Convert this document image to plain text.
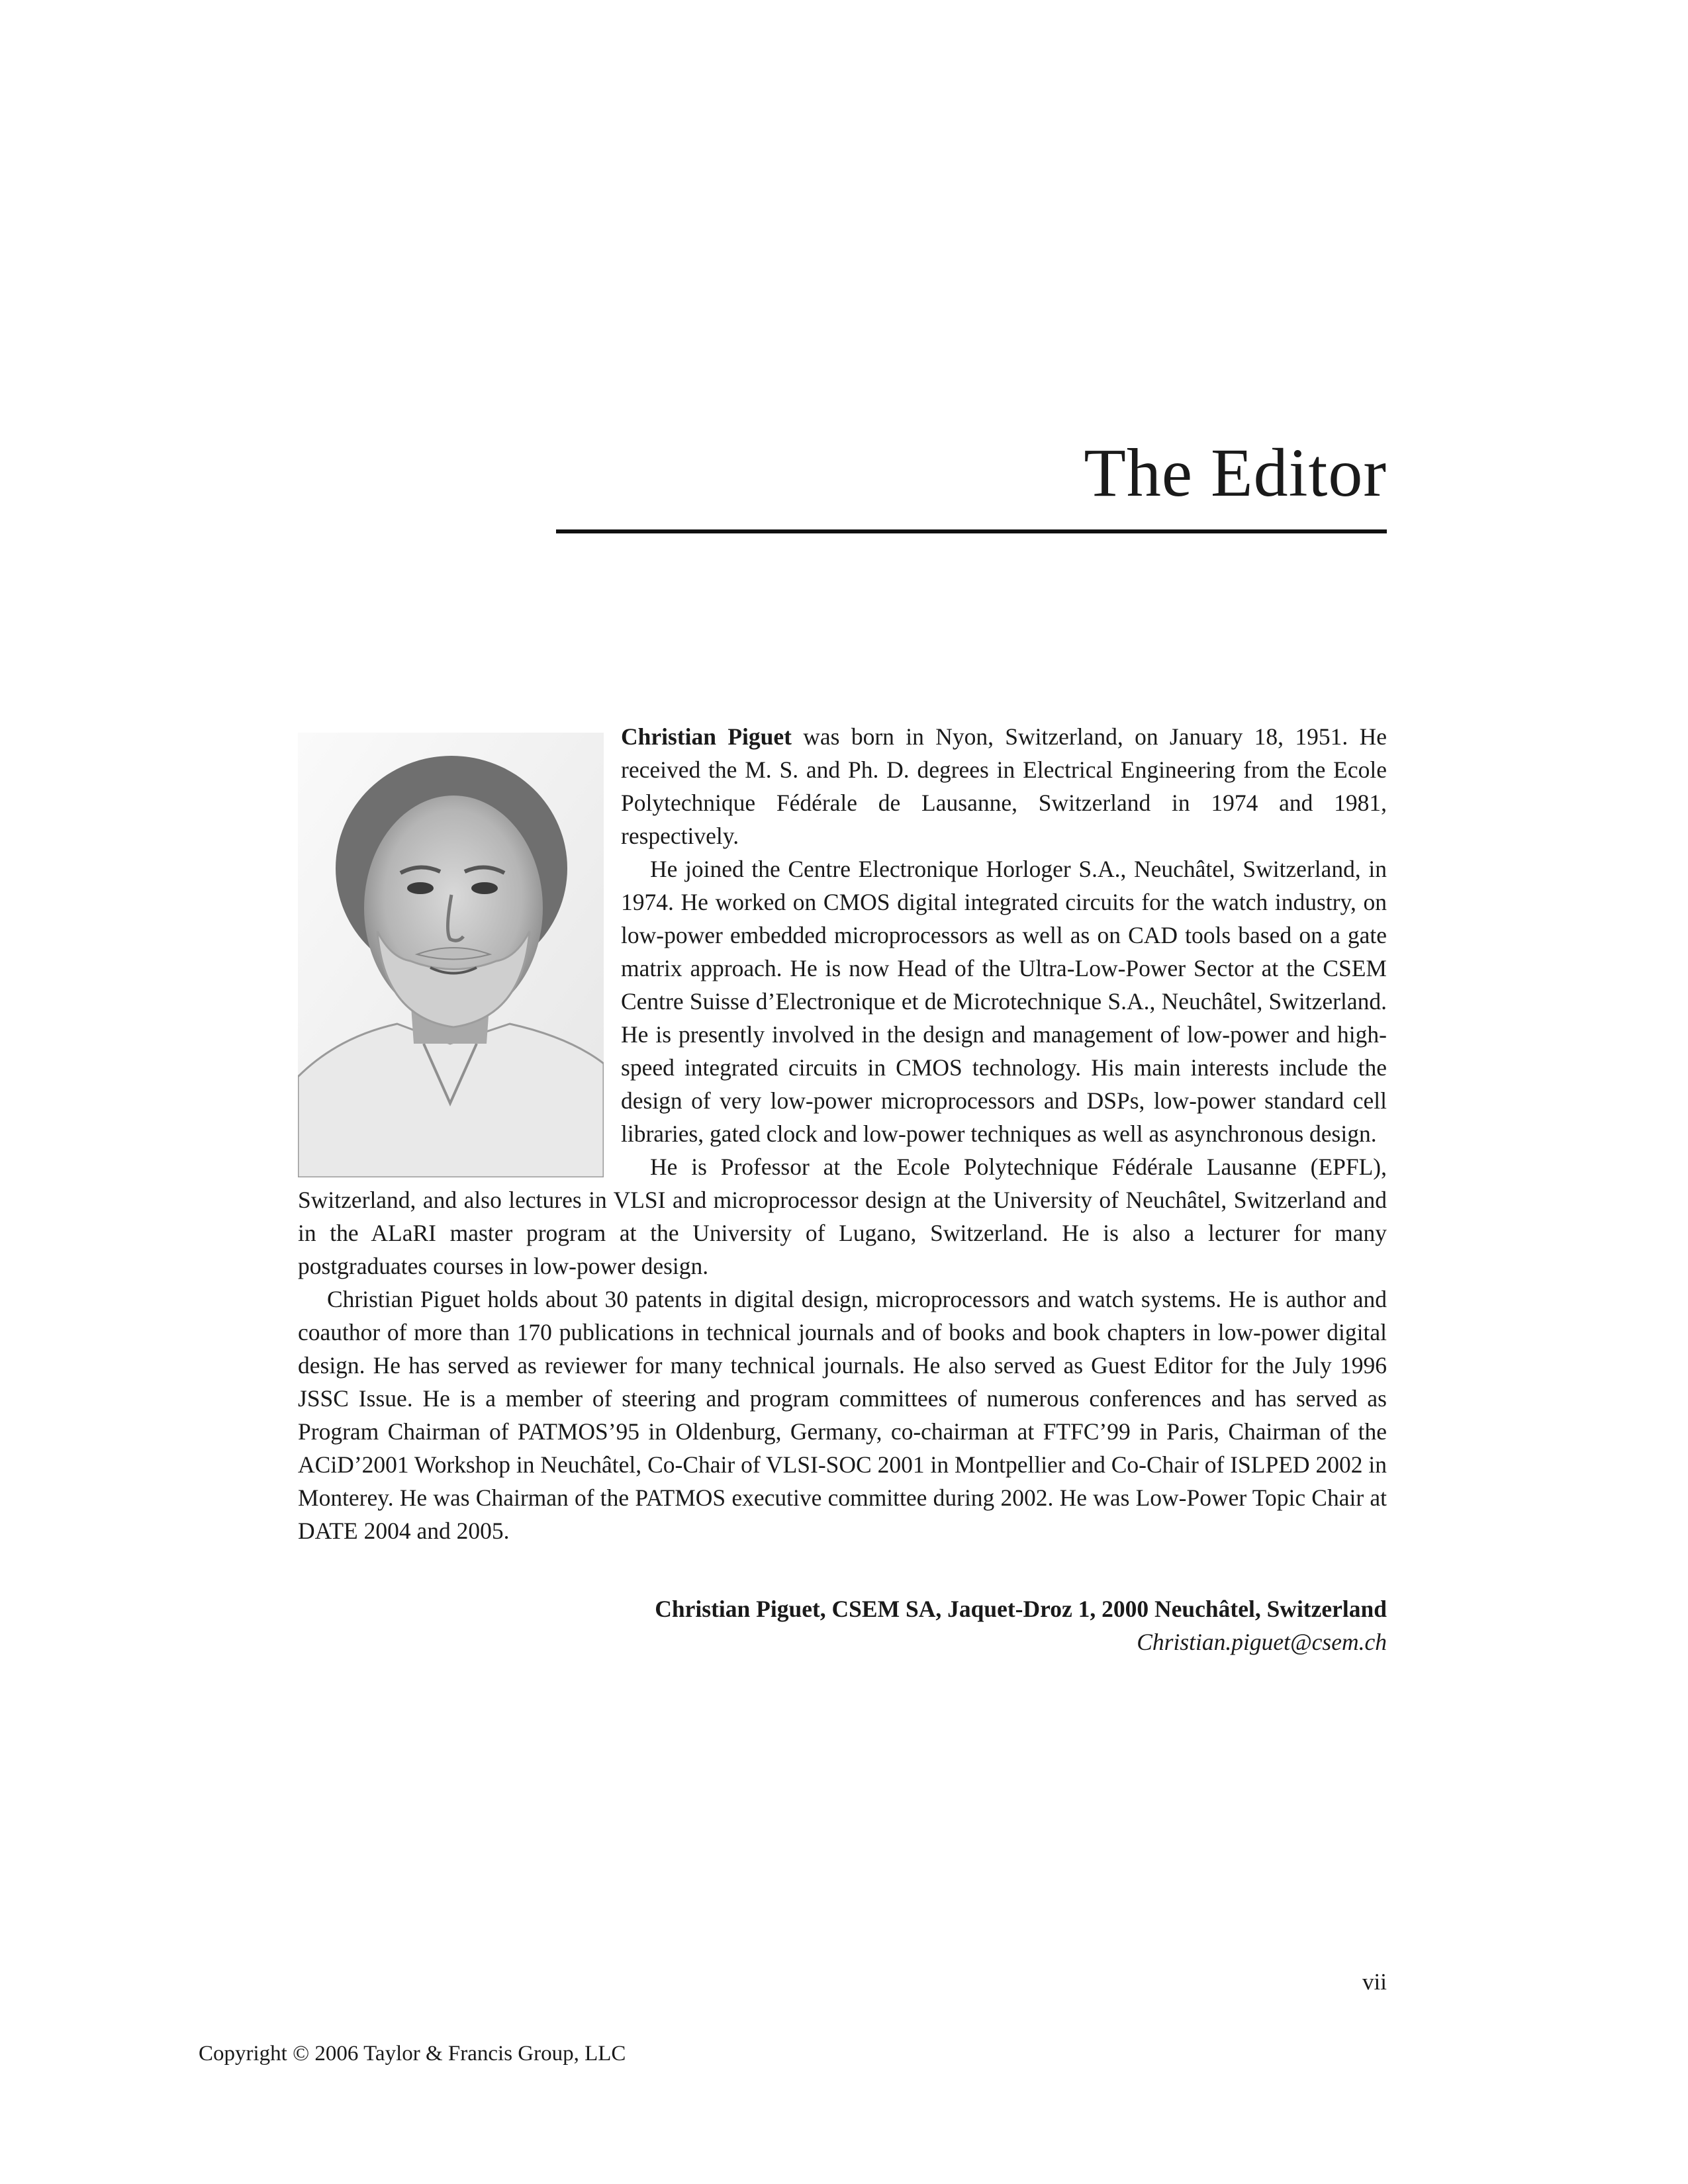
The Editor

Christian Piguet was born in Nyon, Switzerland, on January 18, 1951. He received the M. S. and Ph. D. degrees in Electrical Engineering from the Ecole Polytechnique Fédérale de Lausanne, Switzerland in 1974 and 1981, respectively.

He joined the Centre Electronique Horloger S.A., Neuchâtel, Switzerland, in 1974. He worked on CMOS digital integrated circuits for the watch industry, on low-power embedded microprocessors as well as on CAD tools based on a gate matrix approach. He is now Head of the Ultra-Low-Power Sector at the CSEM Centre Suisse d’Electronique et de Microtechnique S.A., Neuchâtel, Switzerland. He is presently involved in the design and management of low-power and high-speed integrated circuits in CMOS technology. His main interests include the design of very low-power microprocessors and DSPs, low-power standard cell libraries, gated clock and low-power techniques as well as asynchronous design.

He is Professor at the Ecole Polytechnique Fédérale Lausanne (EPFL), Switzerland, and also lectures in VLSI and microprocessor design at the University of Neuchâtel, Switzerland and in the ALaRI master program at the University of Lugano, Switzerland. He is also a lecturer for many postgraduates courses in low-power design.

Christian Piguet holds about 30 patents in digital design, microprocessors and watch systems. He is author and coauthor of more than 170 publications in technical journals and of books and book chapters in low-power digital design. He has served as reviewer for many technical journals. He also served as Guest Editor for the July 1996 JSSC Issue. He is a member of steering and program committees of numerous conferences and has served as Program Chairman of PATMOS’95 in Oldenburg, Germany, co-chairman at FTFC’99 in Paris, Chairman of the ACiD’2001 Workshop in Neuchâtel, Co-Chair of VLSI-SOC 2001 in Montpellier and Co-Chair of ISLPED 2002 in Monterey. He was Chairman of the PATMOS executive committee during 2002. He was Low-Power Topic Chair at DATE 2004 and 2005.

Christian Piguet, CSEM SA, Jaquet-Droz 1, 2000 Neuchâtel, Switzerland
Christian.piguet@csem.ch
vii
Copyright © 2006 Taylor & Francis Group, LLC
